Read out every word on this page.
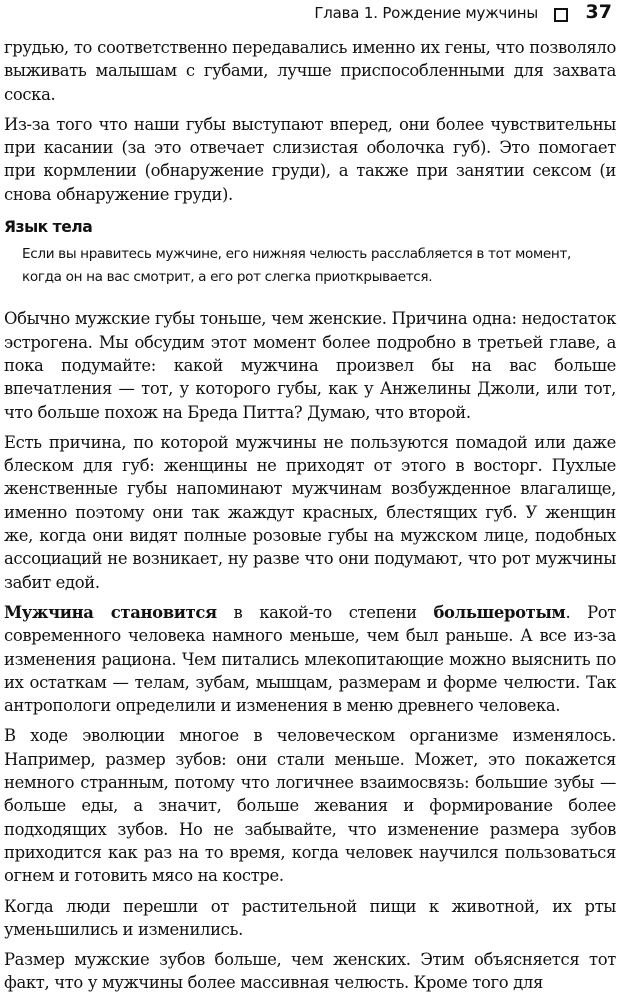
Глава 1. Рождение мужчины	37

грудью, то соответственно передавались именно их гены, что позволяло выживать малышам с губами, лучше приспособленными для захвата соска.

Из-за того что наши губы выступают вперед, они более чувствительны при касании (за это отвечает слизистая оболочка губ). Это помогает при кормлении (обнаружение груди), а также при занятии сексом (и снова обнаружение груди).

Язык тела
Если вы нравитесь мужчине, его нижняя челюсть расслабляется в тот момент, когда он на вас смотрит, а его рот слегка приоткрывается.

Обычно мужские губы тоньше, чем женские. Причина одна: недостаток эстрогена. Мы обсудим этот момент более подробно в третьей главе, а пока подумайте: какой мужчина произвел бы на вас больше впечатления — тот, у которого губы, как у Анжелины Джоли, или тот, что больше похож на Бреда Питта? Думаю, что второй.

Есть причина, по которой мужчины не пользуются помадой или даже блеском для губ: женщины не приходят от этого в восторг. Пухлые женственные губы напоминают мужчинам возбужденное влагалище, именно поэтому они так жаждут красных, блестящих губ. У женщин же, когда они видят полные розовые губы на мужском лице, подобных ассоциаций не возникает, ну разве что они подумают, что рот мужчины забит едой.

Мужчина становится в какой-то степени большеротым. Рот современного человека намного меньше, чем был раньше. А все из-за изменения рациона. Чем питались млекопитающие можно выяснить по их остаткам — телам, зубам, мышцам, размерам и форме челюсти. Так антропологи определили и изменения в меню древнего человека.

В ходе эволюции многое в человеческом организме изменялось. Например, размер зубов: они стали меньше. Может, это покажется немного странным, потому что логичнее взаимосвязь: большие зубы — больше еды, а значит, больше жевания и формирование более подходящих зубов. Но не забывайте, что изменение размера зубов приходится как раз на то время, когда человек научился пользоваться огнем и готовить мясо на костре.

Когда люди перешли от растительной пищи к животной, их рты уменьшились и изменились.

Размер мужские зубов больше, чем женских. Этим объясняется тот факт, что у мужчины более массивная челюсть. Кроме того для
